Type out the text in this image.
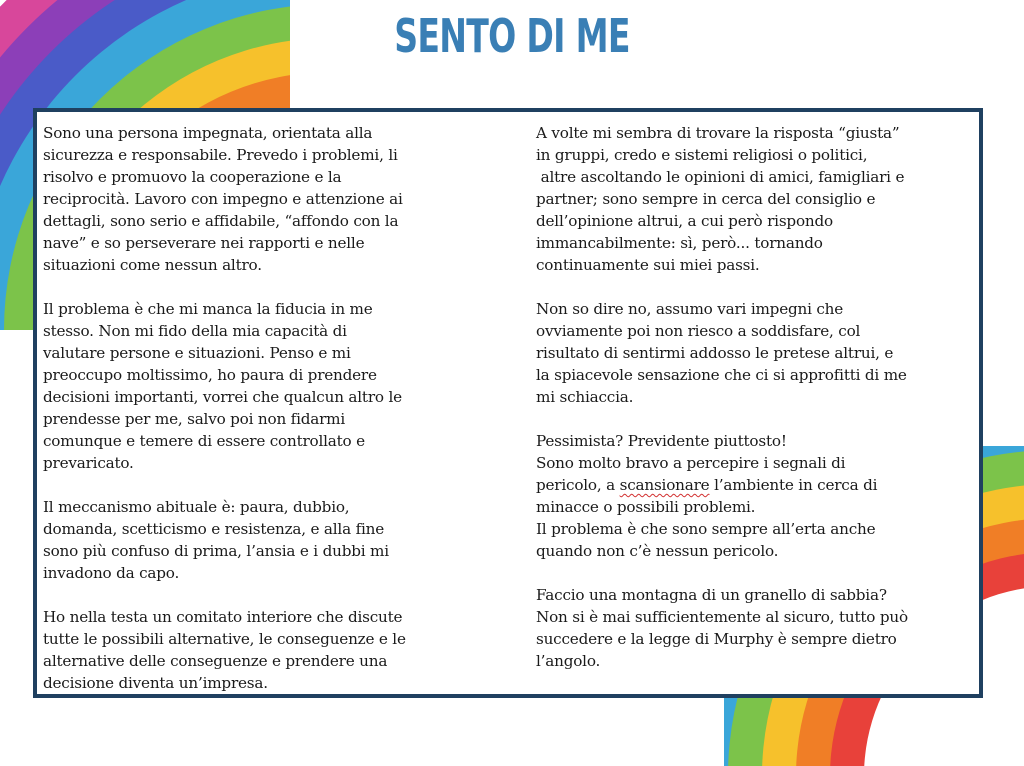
SENTO DI ME

Sono una persona impegnata, orientata alla
sicurezza e responsabile. Prevedo i problemi, li
risolvo e promuovo la cooperazione e la
reciprocità. Lavoro con impegno e attenzione ai
dettagli, sono serio e affidabile, “affondo con la
nave” e so perseverare nei rapporti e nelle
situazioni come nessun altro.

Il problema è che mi manca la fiducia in me
stesso. Non mi fido della mia capacità di
valutare persone e situazioni. Penso e mi
preoccupo moltissimo, ho paura di prendere
decisioni importanti, vorrei che qualcun altro le
prendesse per me, salvo poi non fidarmi
comunque e temere di essere controllato e
prevaricato.

Il meccanismo abituale è: paura, dubbio,
domanda, scetticismo e resistenza, e alla fine
sono più confuso di prima, l’ansia e i dubbi mi
invadono da capo.

Ho nella testa un comitato interiore che discute
tutte le possibili alternative, le conseguenze e le
alternative delle conseguenze e prendere una
decisione diventa un’impresa.

A volte mi sembra di trovare la risposta “giusta”
in gruppi, credo e sistemi religiosi o politici,
altre ascoltando le opinioni di amici, famigliari e
partner; sono sempre in cerca del consiglio e
dell’opinione altrui, a cui però rispondo
immancabilmente: sì, però... tornando
continuamente sui miei passi.

Non so dire no, assumo vari impegni che
ovviamente poi non riesco a soddisfare, col
risultato di sentirmi addosso le pretese altrui, e
la spiacevole sensazione che ci si approfitti di me
mi schiaccia.

Pessimista? Previdente piuttosto!
Sono molto bravo a percepire i segnali di
pericolo, a scansionare l’ambiente in cerca di
minacce o possibili problemi.
Il problema è che sono sempre all’erta anche
quando non c’è nessun pericolo.

Faccio una montagna di un granello di sabbia?
Non si è mai sufficientemente al sicuro, tutto può
succedere e la legge di Murphy è sempre dietro
l’angolo.
